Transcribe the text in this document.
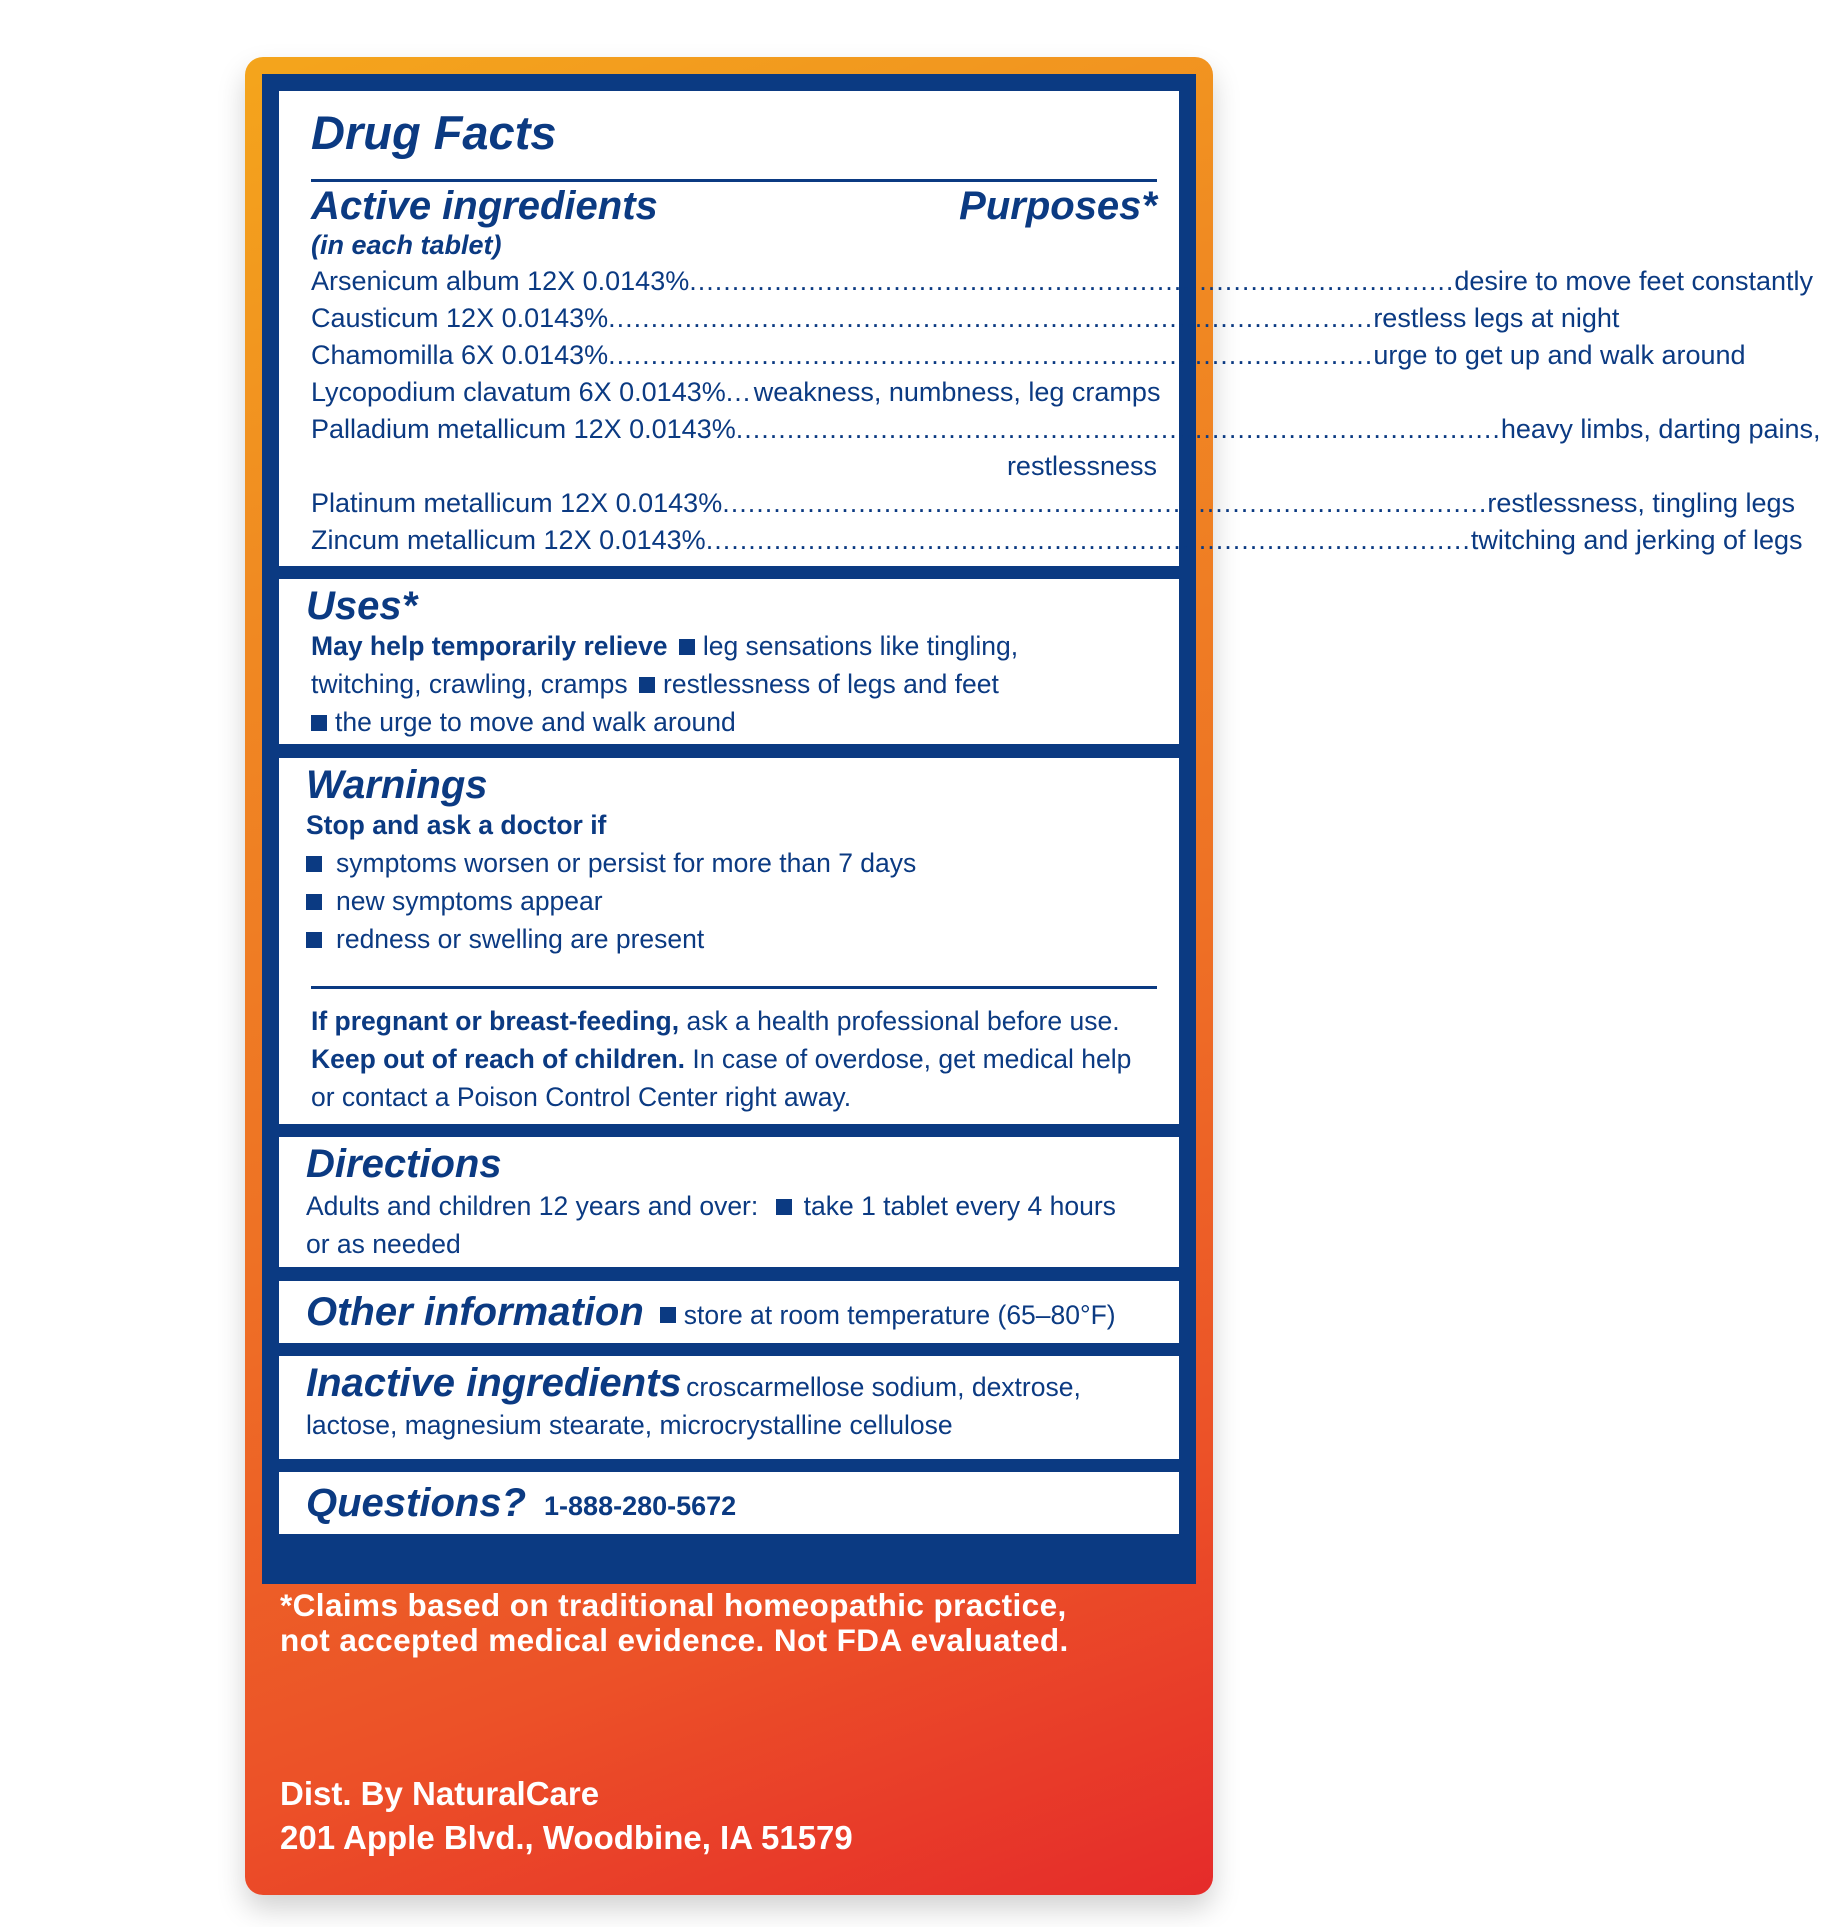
Drug Facts
Active ingredients	Purposes*
(in each tablet)
Arsenicum album 12X 0.0143% .......................................................................................... desire to move feet constantly
Causticum 12X 0.0143% .......................................................................................... restless legs at night
Chamomilla 6X 0.0143% .......................................................................................... urge to get up and walk around
Lycopodium clavatum 6X 0.0143% ... weakness, numbness, leg cramps
Palladium metallicum 12X 0.0143% .......................................................................................... heavy limbs, darting pains,
restlessness
Platinum metallicum 12X 0.0143% .......................................................................................... restlessness, tingling legs
Zincum metallicum 12X 0.0143% .......................................................................................... twitching and jerking of legs
Uses*
May help temporarily relieve leg sensations like tingling,
twitching, crawling, cramps restlessness of legs and feet
the urge to move and walk around
Warnings
Stop and ask a doctor if
symptoms worsen or persist for more than 7 days
new symptoms appear
redness or swelling are present
If pregnant or breast-feeding, ask a health professional before use.
Keep out of reach of children. In case of overdose, get medical help
or contact a Poison Control Center right away.
Directions
Adults and children 12 years and over: take 1 tablet every 4 hours
or as needed
Other information store at room temperature (65–80°F)
Inactive ingredients croscarmellose sodium, dextrose,
lactose, magnesium stearate, microcrystalline cellulose
Questions? 1-888-280-5672
*Claims based on traditional homeopathic practice,
not accepted medical evidence. Not FDA evaluated.
Dist. By NaturalCare
201 Apple Blvd., Woodbine, IA 51579
